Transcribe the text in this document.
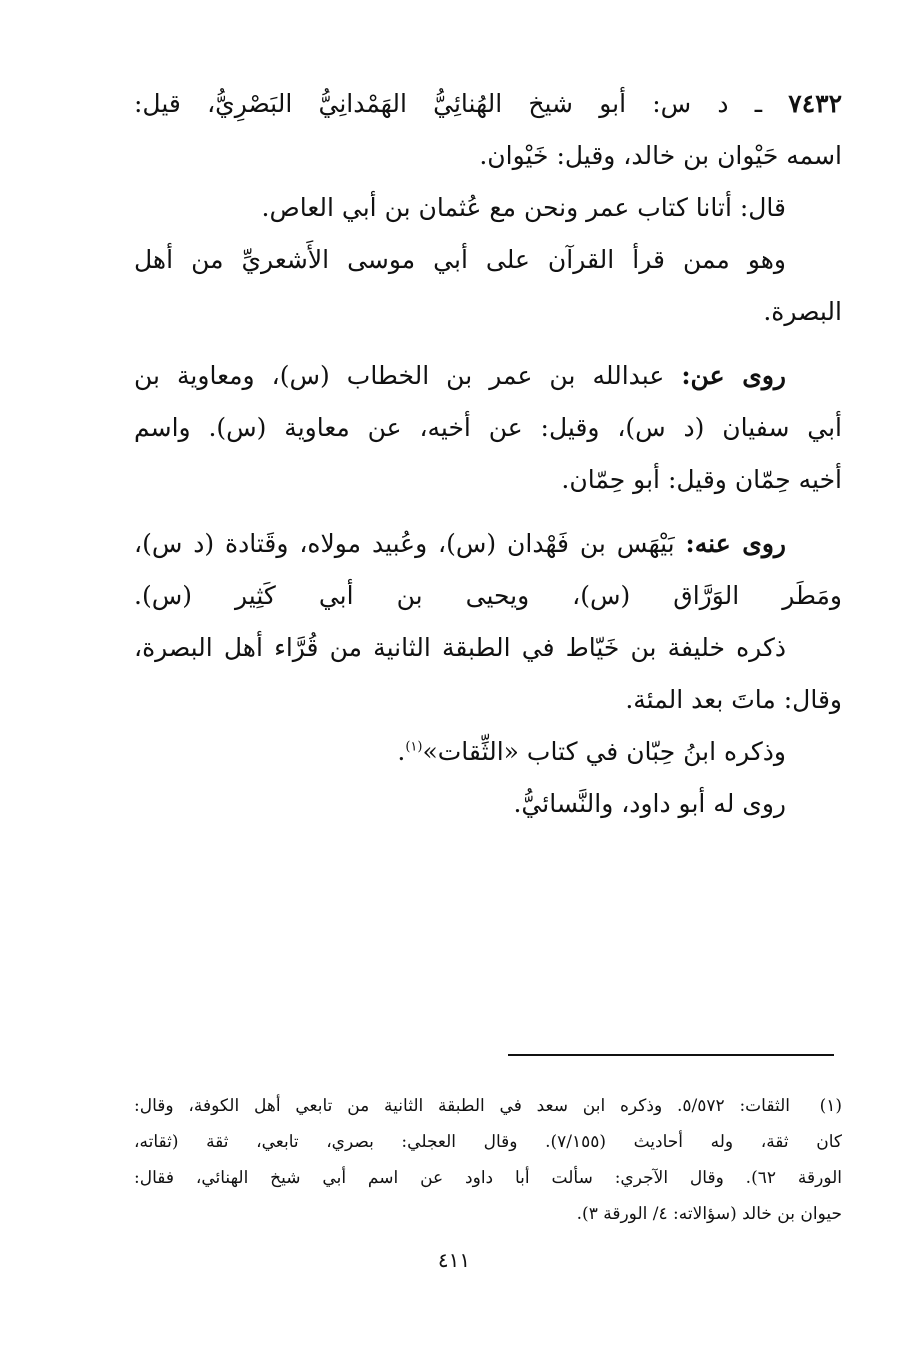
٧٤٣٢ ـ د س: أبو شيخ الهُنائِيُّ الهَمْدانِيُّ البَصْرِيُّ، قيل:
اسمه حَيْوان بن خالد، وقيل: خَيْوان.
قال: أتانا كتاب عمر ونحن مع عُثمان بن أبي العاص.
وهو ممن قرأ القرآن على أبي موسى الأَشعريِّ من أهل
البصرة.
روى عن: عبدالله بن عمر بن الخطاب (س)، ومعاوية بن
أبي سفيان (د س)، وقيل: عن أخيه، عن معاوية (س). واسم
أخيه حِمّان وقيل: أبو حِمّان.
روى عنه: بَيْهَس بن فَهْدان (س)، وعُبيد مولاه، وقَتادة (د س)،
ومَطَر الوَرَّاق (س)، ويحيى بن أبي كَثِير (س).
ذكره خليفة بن خَيّاط في الطبقة الثانية من قُرَّاء أهل البصرة،
وقال: ماتَ بعد المئة.
وذكره ابنُ حِبّان في كتاب «الثِّقات»$^{(١)}$.
روى له أبو داود، والنَّسائيُّ.
(١)
الثقات: ٥/٥٧٢. وذكره ابن سعد في الطبقة الثانية من تابعي أهل الكوفة، وقال:
كان ثقة، وله أحاديث (٧/١٥٥). وقال العجلي: بصري، تابعي، ثقة (ثقاته،
الورقة ٦٢). وقال الآجري: سألت أبا داود عن اسم أبي شيخ الهنائي، فقال:
حيوان بن خالد (سؤالاته: ٤/ الورقة ٣).
٤١١
